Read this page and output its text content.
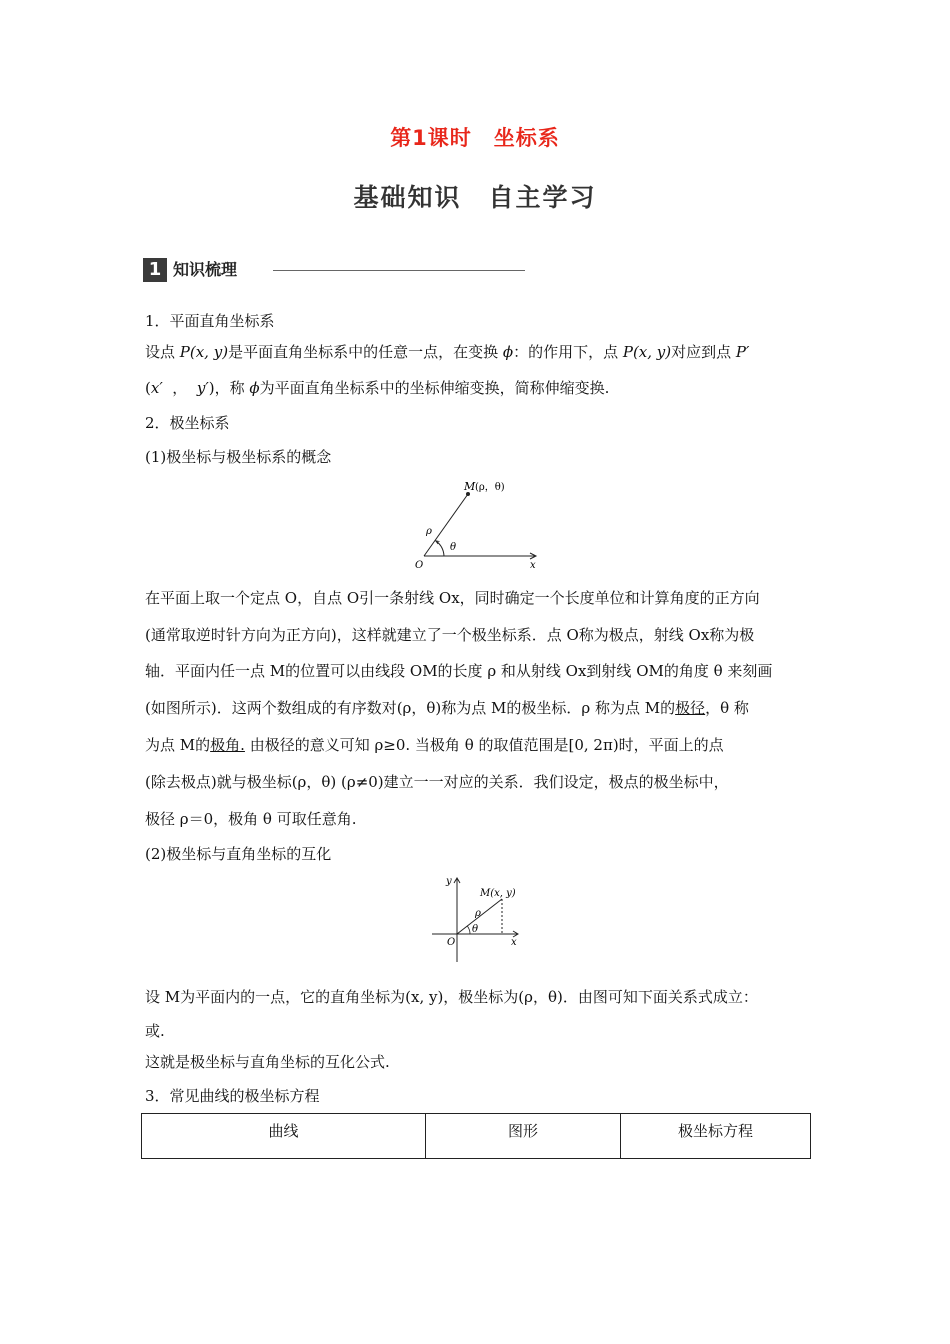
第1课时　坐标系
基础知识　自主学习
1 知识梳理
1．平面直角坐标系
设点 P(x, y)是平面直角坐标系中的任意一点，在变换 ϕ：的作用下，点 P(x, y)对应到点 P′
(x′ ， y′)，称 ϕ为平面直角坐标系中的坐标伸缩变换，简称伸缩变换.
2．极坐标系
(1)极坐标与极坐标系的概念
M (ρ，θ)
ρ
θ
O	x
在平面上取一个定点 O，自点 O引一条射线 Ox，同时确定一个长度单位和计算角度的正方向
(通常取逆时针方向为正方向)，这样就建立了一个极坐标系．点 O称为极点，射线 Ox称为极
轴．平面内任一点 M的位置可以由线段 OM的长度 ρ 和从射线 Ox到射线 OM的角度 θ 来刻画
(如图所示)．这两个数组成的有序数对(ρ，θ)称为点 M的极坐标．ρ 称为点 M的极径，θ 称
为点 M的极角. 由极径的意义可知 ρ≥0. 当极角 θ 的取值范围是[0, 2π)时，平面上的点
(除去极点)就与极坐标(ρ，θ) (ρ≠0)建立一一对应的关系．我们设定，极点的极坐标中，
极径 ρ＝0，极角 θ 可取任意角.
(2)极坐标与直角坐标的互化
y
M(x, y)
ρ
θ
O	x
设 M为平面内的一点，它的直角坐标为(x, y)，极坐标为(ρ，θ)．由图可知下面关系式成立：
或.
这就是极坐标与直角坐标的互化公式.
3．常见曲线的极坐标方程
曲线	图形	极坐标方程
